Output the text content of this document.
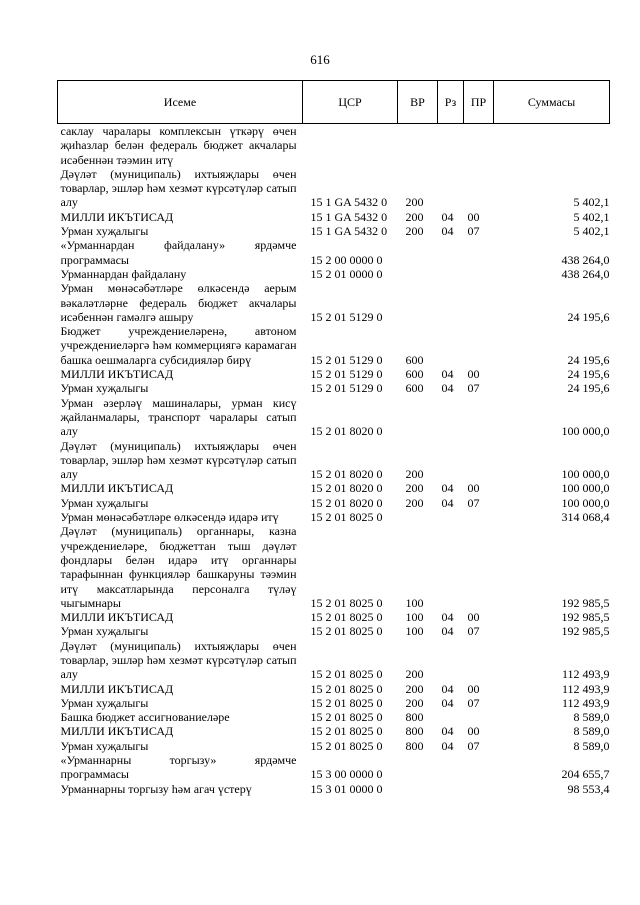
616
Исеме	ЦСР	ВР	Рз	ПР	Суммасы
саклау чаралары комплексын үткәрү өчен җиһазлар белән федераль бюджет акчалары исәбеннән тәэмин итү					
Дәүләт (муниципаль) ихтыяҗлары өчен товарлар, эшләр һәм хезмәт күрсәтүләр сатып алу	15 1 GA 5432 0	200			5 402,1
МИЛЛИ ИКЪТИСАД	15 1 GA 5432 0	200	04	00	5 402,1
Урман хуҗалыгы	15 1 GA 5432 0	200	04	07	5 402,1
«Урманнардан файдалану» ярдәмче программасы	15 2 00 0000 0				438 264,0
Урманнардан файдалану	15 2 01 0000 0				438 264,0
Урман мөнәсәбәтләре өлкәсендә аерым вәкаләтләрне федераль бюджет акчалары исәбеннән гамәлгә ашыру	15 2 01 5129 0				24 195,6
Бюджет учреждениеләренә, автоном учреждениеләргә һәм коммерциягә карамаган башка оешмаларга субсидияләр бирү	15 2 01 5129 0	600			24 195,6
МИЛЛИ ИКЪТИСАД	15 2 01 5129 0	600	04	00	24 195,6
Урман хуҗалыгы	15 2 01 5129 0	600	04	07	24 195,6
Урман әзерләү машиналары, урман кисү җайланмалары, транспорт чаралары сатып алу	15 2 01 8020 0				100 000,0
Дәүләт (муниципаль) ихтыяҗлары өчен товарлар, эшләр һәм хезмәт күрсәтүләр сатып алу	15 2 01 8020 0	200			100 000,0
МИЛЛИ ИКЪТИСАД	15 2 01 8020 0	200	04	00	100 000,0
Урман хуҗалыгы	15 2 01 8020 0	200	04	07	100 000,0
Урман мөнәсәбәтләре өлкәсендә идарә итү	15 2 01 8025 0				314 068,4
Дәүләт (муниципаль) органнары, казна учреждениеләре, бюджеттан тыш дәүләт фондлары белән идарә итү органнары тарафыннан функцияләр башкаруны тәэмин итү максатларында персоналга түләү чыгымнары	15 2 01 8025 0	100			192 985,5
МИЛЛИ ИКЪТИСАД	15 2 01 8025 0	100	04	00	192 985,5
Урман хуҗалыгы	15 2 01 8025 0	100	04	07	192 985,5
Дәүләт (муниципаль) ихтыяҗлары өчен товарлар, эшләр һәм хезмәт күрсәтүләр сатып алу	15 2 01 8025 0	200			112 493,9
МИЛЛИ ИКЪТИСАД	15 2 01 8025 0	200	04	00	112 493,9
Урман хуҗалыгы	15 2 01 8025 0	200	04	07	112 493,9
Башка бюджет ассигнованиеләре	15 2 01 8025 0	800			8 589,0
МИЛЛИ ИКЪТИСАД	15 2 01 8025 0	800	04	00	8 589,0
Урман хуҗалыгы	15 2 01 8025 0	800	04	07	8 589,0
«Урманнарны торгызу» ярдәмче программасы	15 3 00 0000 0				204 655,7
Урманнарны торгызу һәм агач үстерү	15 3 01 0000 0				98 553,4
